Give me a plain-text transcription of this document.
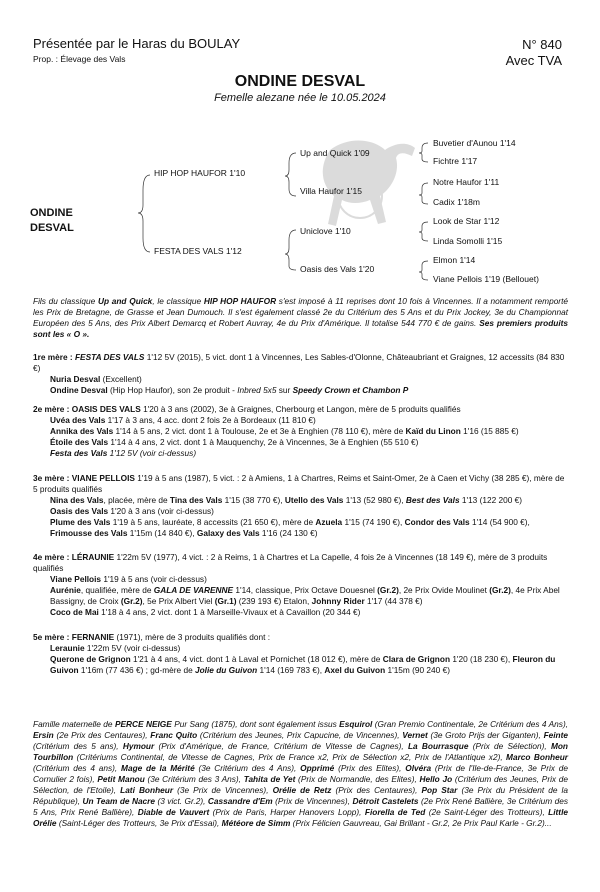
Présentée par le Haras du BOULAY
Prop. : Élevage des Vals
N° 840
Avec TVA
ONDINE DESVAL
Femelle alezane née le 10.05.2024
ONDINE
DESVAL
HIP HOP HAUFOR 1'10
FESTA DES VALS 1'12
Up and Quick 1'09
Villa Haufor 1'15
Uniclove 1'10
Oasis des Vals 1'20
Buvetier d'Aunou 1'14
Fichtre 1'17
Notre Haufor 1'11
Cadix 1'18m
Look de Star 1'12
Linda Somolli 1'15
Elmon 1'14
Viane Pellois 1'19 (Bellouet)
Fils du classique Up and Quick, le classique HIP HOP HAUFOR s'est imposé à 11 reprises dont 10 fois à Vincennes. Il a notamment remporté les Prix de Bretagne, de Grasse et Jean Dumouch. Il s'est également classé 2e du Critérium des 5 Ans et du Prix Jockey, 3e du Championnat Européen des 5 Ans, des Prix Albert Demarcq et Robert Auvray, 4e du Prix d'Amérique. Il totalise 544 770 € de gains. Ses premiers produits sont les « O ».

1re mère : FESTA DES VALS 1'12 5V (2015), 5 vict. dont 1 à Vincennes, Les Sables-d'Olonne, Châteaubriant et Graignes, 12 accessits (84 830 €)

Nuria Desval (Excellent)

Ondine Desval (Hip Hop Haufor), son 2e produit - Inbred 5x5 sur Speedy Crown et Chambon P

2e mère : OASIS DES VALS 1'20 à 3 ans (2002), 3e à Graignes, Cherbourg et Langon, mère de 5 produits qualifiés

Uvéa des Vals 1'17 à 3 ans, 4 acc. dont 2 fois 2e à Bordeaux (11 810 €)

Annika des Vals 1'14 à 5 ans, 2 vict. dont 1 à Toulouse, 2e et 3e à Enghien (78 110 €), mère de Kaïd du Linon 1'16 (15 885 €)

Étoile des Vals 1'14 à 4 ans, 2 vict. dont 1 à Mauquenchy, 2e à Vincennes, 3e à Enghien (55 510 €)

Festa des Vals 1'12 5V (voir ci-dessus)

3e mère : VIANE PELLOIS 1'19 à 5 ans (1987), 5 vict. : 2 à Amiens, 1 à Chartres, Reims et Saint-Omer, 2e à Caen et Vichy (38 285 €), mère de 5 produits qualifiés

Nina des Vals, placée, mère de Tina des Vals 1'15 (38 770 €), Utello des Vals 1'13 (52 980 €), Best des Vals 1'13 (122 200 €)

Oasis des Vals 1'20 à 3 ans (voir ci-dessus)

Plume des Vals 1'19 à 5 ans, lauréate, 8 accessits (21 650 €), mère de Azuela 1'15 (74 190 €), Condor des Vals 1'14 (54 900 €), Frimousse des Vals 1'15m (14 840 €), Galaxy des Vals 1'16 (24 130 €)

4e mère : LÉRAUNIE 1'22m 5V (1977), 4 vict. : 2 à Reims, 1 à Chartres et La Capelle, 4 fois 2e à Vincennes (18 149 €), mère de 3 produits qualifiés

Viane Pellois 1'19 à 5 ans (voir ci-dessus)

Aurénie, qualifiée, mère de GALA DE VARENNE 1'14, classique, Prix Octave Douesnel (Gr.2), 2e Prix Ovide Moulinet (Gr.2), 4e Prix Abel Bassigny, de Croix (Gr.2), 5e Prix Albert Viel (Gr.1) (239 193 €) Etalon, Johnny Rider 1'17 (44 378 €)

Coco de Mai 1'18 à 4 ans, 2 vict. dont 1 à Marseille-Vivaux et à Cavaillon (20 344 €)

5e mère : FERNANIE (1971), mère de 3 produits qualifiés dont :

Leraunie 1'22m 5V (voir ci-dessus)

Querone de Grignon 1'21 à 4 ans, 4 vict. dont 1 à Laval et Pornichet (18 012 €), mère de Clara de Grignon 1'20 (18 230 €), Fleuron du Guivon 1'16m (77 436 €) ; gd-mère de Jolie du Guivon 1'14 (169 783 €), Axel du Guivon 1'15m (90 240 €)

Famille maternelle de PERCE NEIGE Pur Sang (1875), dont sont également issus Esquirol (Gran Premio Continentale, 2e Critérium des 4 Ans), Ersin (2e Prix des Centaures), Franc Quito (Critérium des Jeunes, Prix Capucine, de Vincennes), Vernet (3e Groto Prijs der Giganten), Feinte (Critérium des 5 ans), Hymour (Prix d'Amérique, de France, Critérium de Vitesse de Cagnes), La Bourrasque (Prix de Sélection), Mon Tourbillon (Critériums Continental, de Vitesse de Cagnes, Prix de France x2, Prix de Sélection x2, Prix de l'Atlantique x2), Marco Bonheur (Critérium des 4 ans), Mage de la Mérité (3e Critérium des 4 Ans), Opprimé (Prix des Elites), Olvéra (Prix de l'Ile-de-France, 3e Prix de Cornulier 2 fois), Petit Manou (3e Critérium des 3 Ans), Tahita de Yet (Prix de Normandie, des Elites), Hello Jo (Critérium des Jeunes, Prix de Sélection, de l'Etoile), Lati Bonheur (3e Prix de Vincennes), Orélie de Retz (Prix des Centaures), Pop Star (3e Prix du Président de la République), Un Team de Nacre (3 vict. Gr.2), Cassandre d'Em (Prix de Vincennes), Détroit Castelets (2e Prix René Ballière, 3e Critérium des 5 Ans, Prix René Ballière), Diable de Vauvert (Prix de Paris, Harper Hanovers Lopp), Fiorella de Ted (2e Saint-Léger des Trotteurs), Little Orélie (Saint-Léger des Trotteurs, 3e Prix d'Essai), Météore de Simm (Prix Félicien Gauvreau, Gai Brillant - Gr.2, 2e Prix Paul Karle - Gr.2)...
